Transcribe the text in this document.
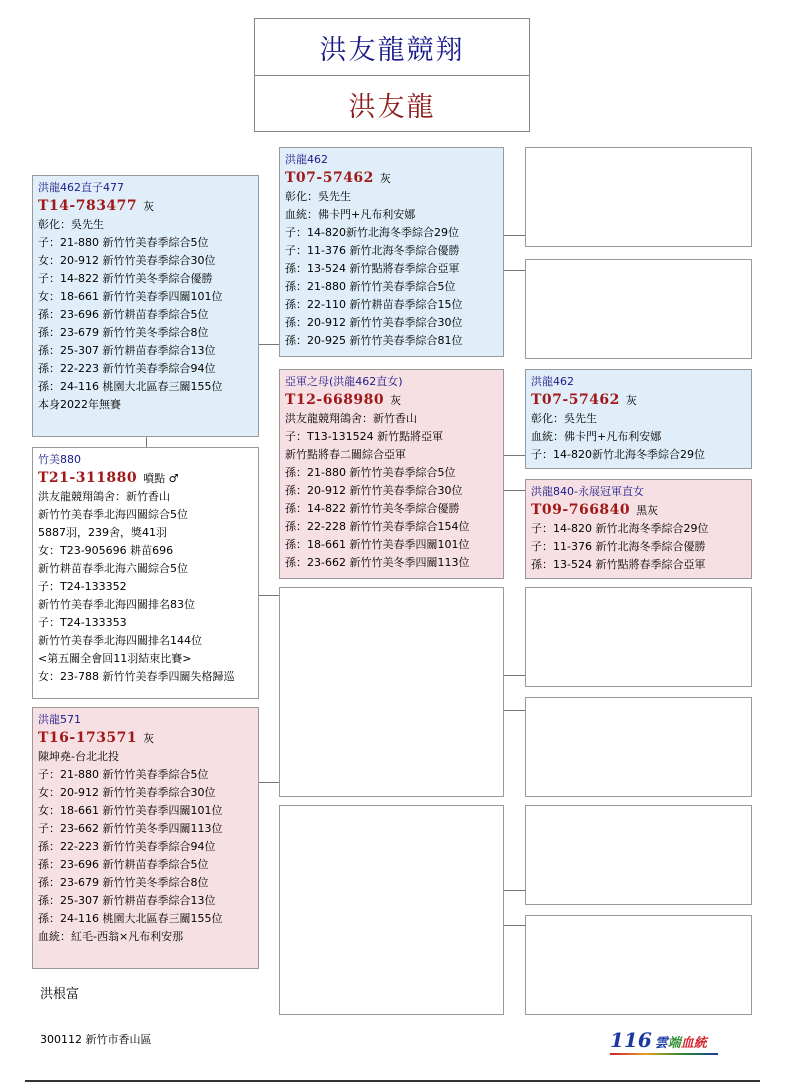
洪友龍競翔
洪友龍
洪龍462直子477
T14-783477 灰
彰化：吳先生
子：21-880 新竹竹美春季綜合5位
女：20-912 新竹竹美春季綜合30位
子：14-822 新竹竹美冬季綜合優勝
女：18-661 新竹竹美春季四關101位
孫：23-696 新竹耕苗春季綜合5位
孫：23-679 新竹竹美冬季綜合8位
孫：25-307 新竹耕苗春季綜合13位
孫：22-223 新竹竹美春季綜合94位
孫：24-116 桃園大北區春三關155位
本身2022年無賽
竹美880
T21-311880 噴點 ♂
洪友龍競翔鴿舍：新竹香山
新竹竹美春季北海四關綜合5位
5887羽，239舍，獎41羽
女：T23-905696 耕苗696
新竹耕苗春季北海六關綜合5位
子：T24-133352
新竹竹美春季北海四關排名83位
子：T24-133353
新竹竹美春季北海四關排名144位
<第五關全會回11羽結束比賽>
女：23-788 新竹竹美春季四關失格歸巡
洪龍571
T16-173571 灰
陳坤堯-台北北投
子：21-880 新竹竹美春季綜合5位
女：20-912 新竹竹美春季綜合30位
女：18-661 新竹竹美春季四關101位
子：23-662 新竹竹美冬季四關113位
孫：22-223 新竹竹美春季綜合94位
孫：23-696 新竹耕苗春季綜合5位
孫：23-679 新竹竹美冬季綜合8位
孫：25-307 新竹耕苗春季綜合13位
孫：24-116 桃園大北區春三關155位
血統：紅毛-西翁×凡布利安那
洪龍462
T07-57462 灰
彰化：吳先生
血統：佛卡門+凡布利安娜
子：14-820新竹北海冬季綜合29位
子：11-376 新竹北海冬季綜合優勝
孫：13-524 新竹點將春季綜合亞軍
孫：21-880 新竹竹美春季綜合5位
孫：22-110 新竹耕苗春季綜合15位
孫：20-912 新竹竹美春季綜合30位
孫：20-925 新竹竹美春季綜合81位
亞軍之母(洪龍462直女)
T12-668980 灰
洪友龍競翔鴿舍：新竹香山
子：T13-131524 新竹點將亞軍
新竹點將春二關綜合亞軍
孫：21-880 新竹竹美春季綜合5位
孫：20-912 新竹竹美春季綜合30位
孫：14-822 新竹竹美冬季綜合優勝
孫：22-228 新竹竹美春季綜合154位
孫：18-661 新竹竹美春季四關101位
孫：23-662 新竹竹美冬季四關113位
洪龍462
T07-57462 灰
彰化：吳先生
血統：佛卡門+凡布利安娜
子：14-820新竹北海冬季綜合29位
洪龍840-永展冠軍直女
T09-766840 黑灰
子：14-820 新竹北海冬季綜合29位
子：11-376 新竹北海冬季綜合優勝
孫：13-524 新竹點將春季綜合亞軍
洪根富
300112 新竹市香山區	116 雲端血統
